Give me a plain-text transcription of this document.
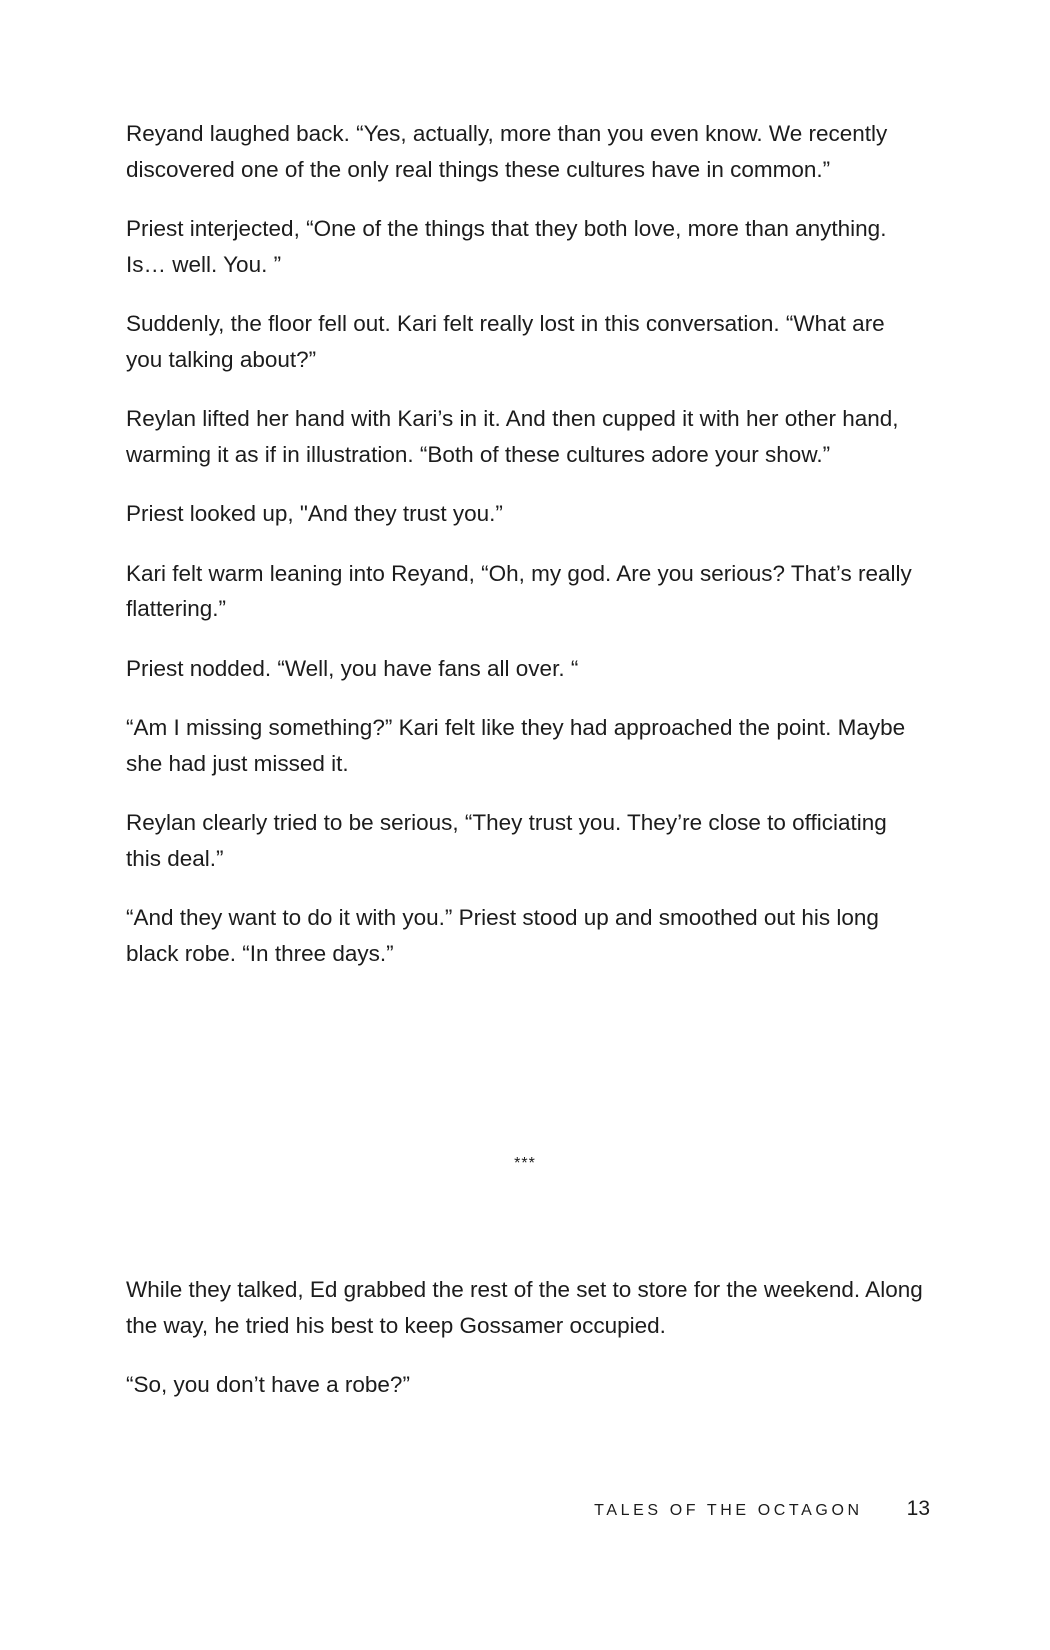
Reyand laughed back. “Yes, actually, more than you even know. We recently discovered one of the only real things these cultures have in common.”

Priest interjected, “One of the things that they both love, more than anything. Is… well. You. ”

Suddenly, the floor fell out. Kari felt really lost in this conversation. “What are you talking about?”

Reylan lifted her hand with Kari’s in it. And then cupped it with her other hand, warming it as if in illustration. “Both of these cultures adore your show.”

Priest looked up, "And they trust you.”

Kari felt warm leaning into Reyand, “Oh, my god. Are you serious? That’s really flattering.”

Priest nodded. “Well, you have fans all over. “

“Am I missing something?” Kari felt like they had approached the point. Maybe she had just missed it.

Reylan clearly tried to be serious, “They trust you. They’re close to officiating this deal.”

“And they want to do it with you.” Priest stood up and smoothed out his long black robe. “In three days.”

***

While they talked, Ed grabbed the rest of the set to store for the weekend. Along the way, he tried his best to keep Gossamer occupied.

“So, you don’t have a robe?”

TALES OF THE OCTAGON 13
